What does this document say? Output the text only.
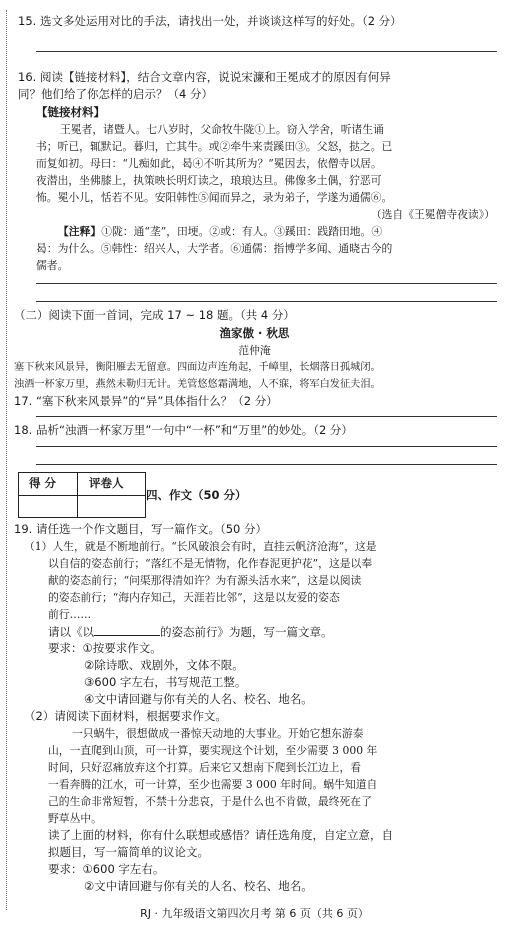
15. 选文多处运用对比的手法，请找出一处，并谈谈这样写的好处。（2 分）
16. 阅读【链接材料】，结合文章内容，说说宋濂和王冕成才的原因有何异
同？他们给了你怎样的启示？（4 分）
【链接材料】
王冕者，诸暨人。七八岁时，父命牧牛陇①上。窃入学舍，听诸生诵
书；听已，辄默记。暮归，亡其牛。或②牵牛来责蹊田③。父怒，挞之。已
而复如初。母曰：“儿痴如此，曷④不听其所为？”冕因去，依僧寺以居。
夜潜出，坐佛膝上，执策映长明灯读之，琅琅达旦。佛像多土偶，狞恶可
怖。冕小儿，恬若不见。安阳韩性⑤闻而异之，录为弟子，学遂为通儒⑥。
（选自《王冕僧寺夜读》）
【注释】①陇：通“垄”，田埂。②或：有人。③蹊田：践踏田地。④
曷：为什么。⑤韩性：绍兴人，大学者。⑥通儒：指博学多闻、通晓古今的
儒者。
（二）阅读下面一首词，完成 17 ~ 18 题。（共 4 分）
渔家傲 · 秋思
范仲淹
塞下秋来风景异，衡阳雁去无留意。四面边声连角起，千嶂里，长烟落日孤城闭。
浊酒一杯家万里，燕然未勒归无计。羌管悠悠霜满地，人不寐，将军白发征夫泪。
17. “塞下秋来风景异”的“异”具体指什么？（2 分）
18. 品析“浊酒一杯家万里”一句中“一杯”和“万里”的妙处。（2 分）
得 分	评卷人
四、作文（50 分）
19. 请任选一个作文题目，写一篇作文。（50 分）
（1）人生，就是不断地前行。“长风破浪会有时，直挂云帆济沧海”，这是
以自信的姿态前行；“落红不是无情物，化作春泥更护花”，这是以奉
献的姿态前行；“问渠那得清如许？为有源头活水来”，这是以阅读
的姿态前行；“海内存知己，天涯若比邻”，这是以友爱的姿态
前行……
请以《以	的姿态前行》为题，写一篇文章。
要求：①按要求作文。
②除诗歌、戏剧外，文体不限。
③600 字左右，书写规范工整。
④文中请回避与你有关的人名、校名、地名。
（2）请阅读下面材料，根据要求作文。
一只蜗牛，很想做成一番惊天动地的大事业。开始它想东游泰
山，一直爬到山顶，可一计算，要实现这个计划，至少需要 3 000 年
时间，只好忍痛放弃这个打算。后来它又想南下爬到长江边上，看
一看奔腾的江水，可一计算，至少也需要 3 000 年时间。蜗牛知道自
己的生命非常短暂，不禁十分悲哀，于是什么也不肯做，最终死在了
野草丛中。
读了上面的材料，你有什么联想或感悟？请任选角度，自定立意，自
拟题目，写一篇简单的议论文。
要求：①600 字左右。
②文中请回避与你有关的人名、校名、地名。
RJ · 九年级语文第四次月考 第 6 页（共 6 页）
